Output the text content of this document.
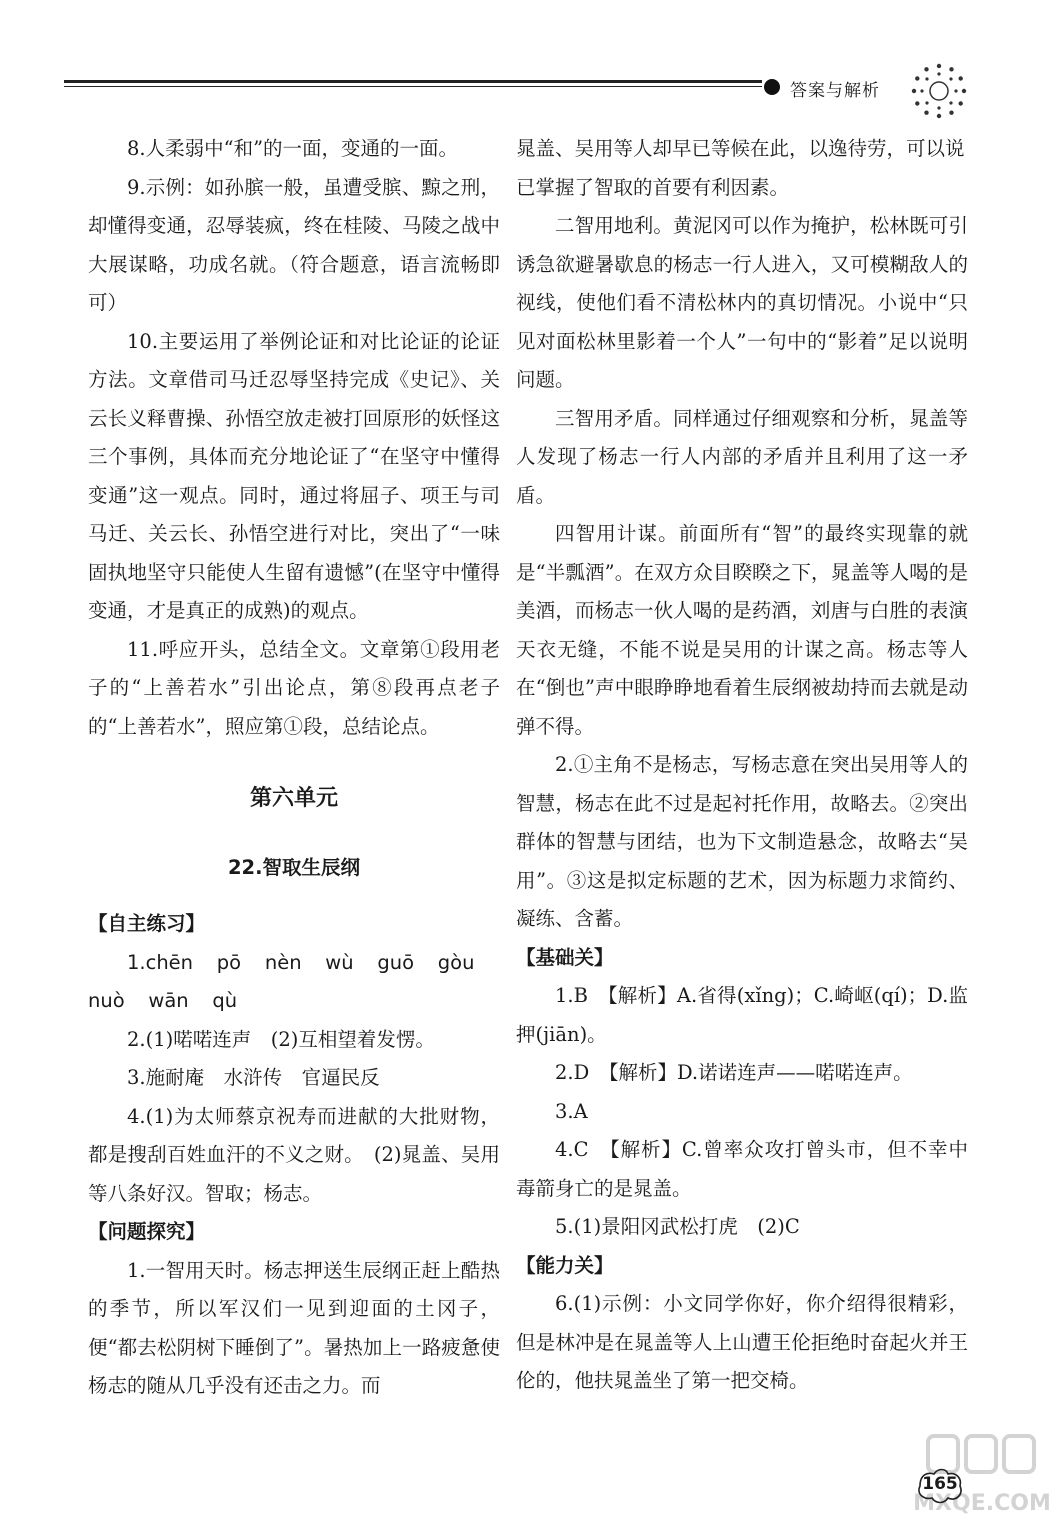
答案与解析

8.人柔弱中“和”的一面，变通的一面。

9.示例：如孙膑一般，虽遭受膑、黥之刑，却懂得变通，忍辱装疯，终在桂陵、马陵之战中大展谋略，功成名就。（符合题意，语言流畅即可）

10.主要运用了举例论证和对比论证的论证方法。文章借司马迁忍辱坚持完成《史记》、关云长义释曹操、孙悟空放走被打回原形的妖怪这三个事例，具体而充分地论证了“在坚守中懂得变通”这一观点。同时，通过将屈子、项王与司马迁、关云长、孙悟空进行对比，突出了“一味固执地坚守只能使人生留有遗憾”(在坚守中懂得变通，才是真正的成熟)的观点。

11.呼应开头，总结全文。文章第①段用老子的“上善若水”引出论点，第⑧段再点老子的“上善若水”，照应第①段，总结论点。

第六单元
22.智取生辰纲

【自主练习】

1.chēn pō nèn wù guō gòu

nuò wān qù

2.(1)喏喏连声　(2)互相望着发愣。

3.施耐庵　水浒传　官逼民反

4.(1)为太师蔡京祝寿而进献的大批财物，都是搜刮百姓血汗的不义之财。　(2)晁盖、吴用等八条好汉。智取；杨志。

【问题探究】

1.一智用天时。杨志押送生辰纲正赶上酷热的季节，所以军汉们一见到迎面的土冈子，便“都去松阴树下睡倒了”。暑热加上一路疲惫使杨志的随从几乎没有还击之力。而

晁盖、吴用等人却早已等候在此，以逸待劳，可以说已掌握了智取的首要有利因素。

二智用地利。黄泥冈可以作为掩护，松林既可引诱急欲避暑歇息的杨志一行人进入，又可模糊敌人的视线，使他们看不清松林内的真切情况。小说中“只见对面松林里影着一个人”一句中的“影着”足以说明问题。

三智用矛盾。同样通过仔细观察和分析，晁盖等人发现了杨志一行人内部的矛盾并且利用了这一矛盾。

四智用计谋。前面所有“智”的最终实现靠的就是“半瓢酒”。在双方众目睽睽之下，晁盖等人喝的是美酒，而杨志一伙人喝的是药酒，刘唐与白胜的表演天衣无缝，不能不说是吴用的计谋之高。杨志等人在“倒也”声中眼睁睁地看着生辰纲被劫持而去就是动弹不得。

2.①主角不是杨志，写杨志意在突出吴用等人的智慧，杨志在此不过是起衬托作用，故略去。②突出群体的智慧与团结，也为下文制造悬念，故略去“吴用”。③这是拟定标题的艺术，因为标题力求简约、凝练、含蓄。

【基础关】

1.B　【解析】A.省得(xǐng)；C.崎岖(qí)；D.监押(jiān)。

2.D　【解析】D.诺诺连声——喏喏连声。

3.A

4.C　【解析】C.曾率众攻打曾头市，但不幸中毒箭身亡的是晁盖。

5.(1)景阳冈武松打虎　(2)C

【能力关】

6.(1)示例：小文同学你好，你介绍得很精彩，但是林冲是在晁盖等人上山遭王伦拒绝时奋起火并王伦的，他扶晁盖坐了第一把交椅。

MXQE.COM
165
